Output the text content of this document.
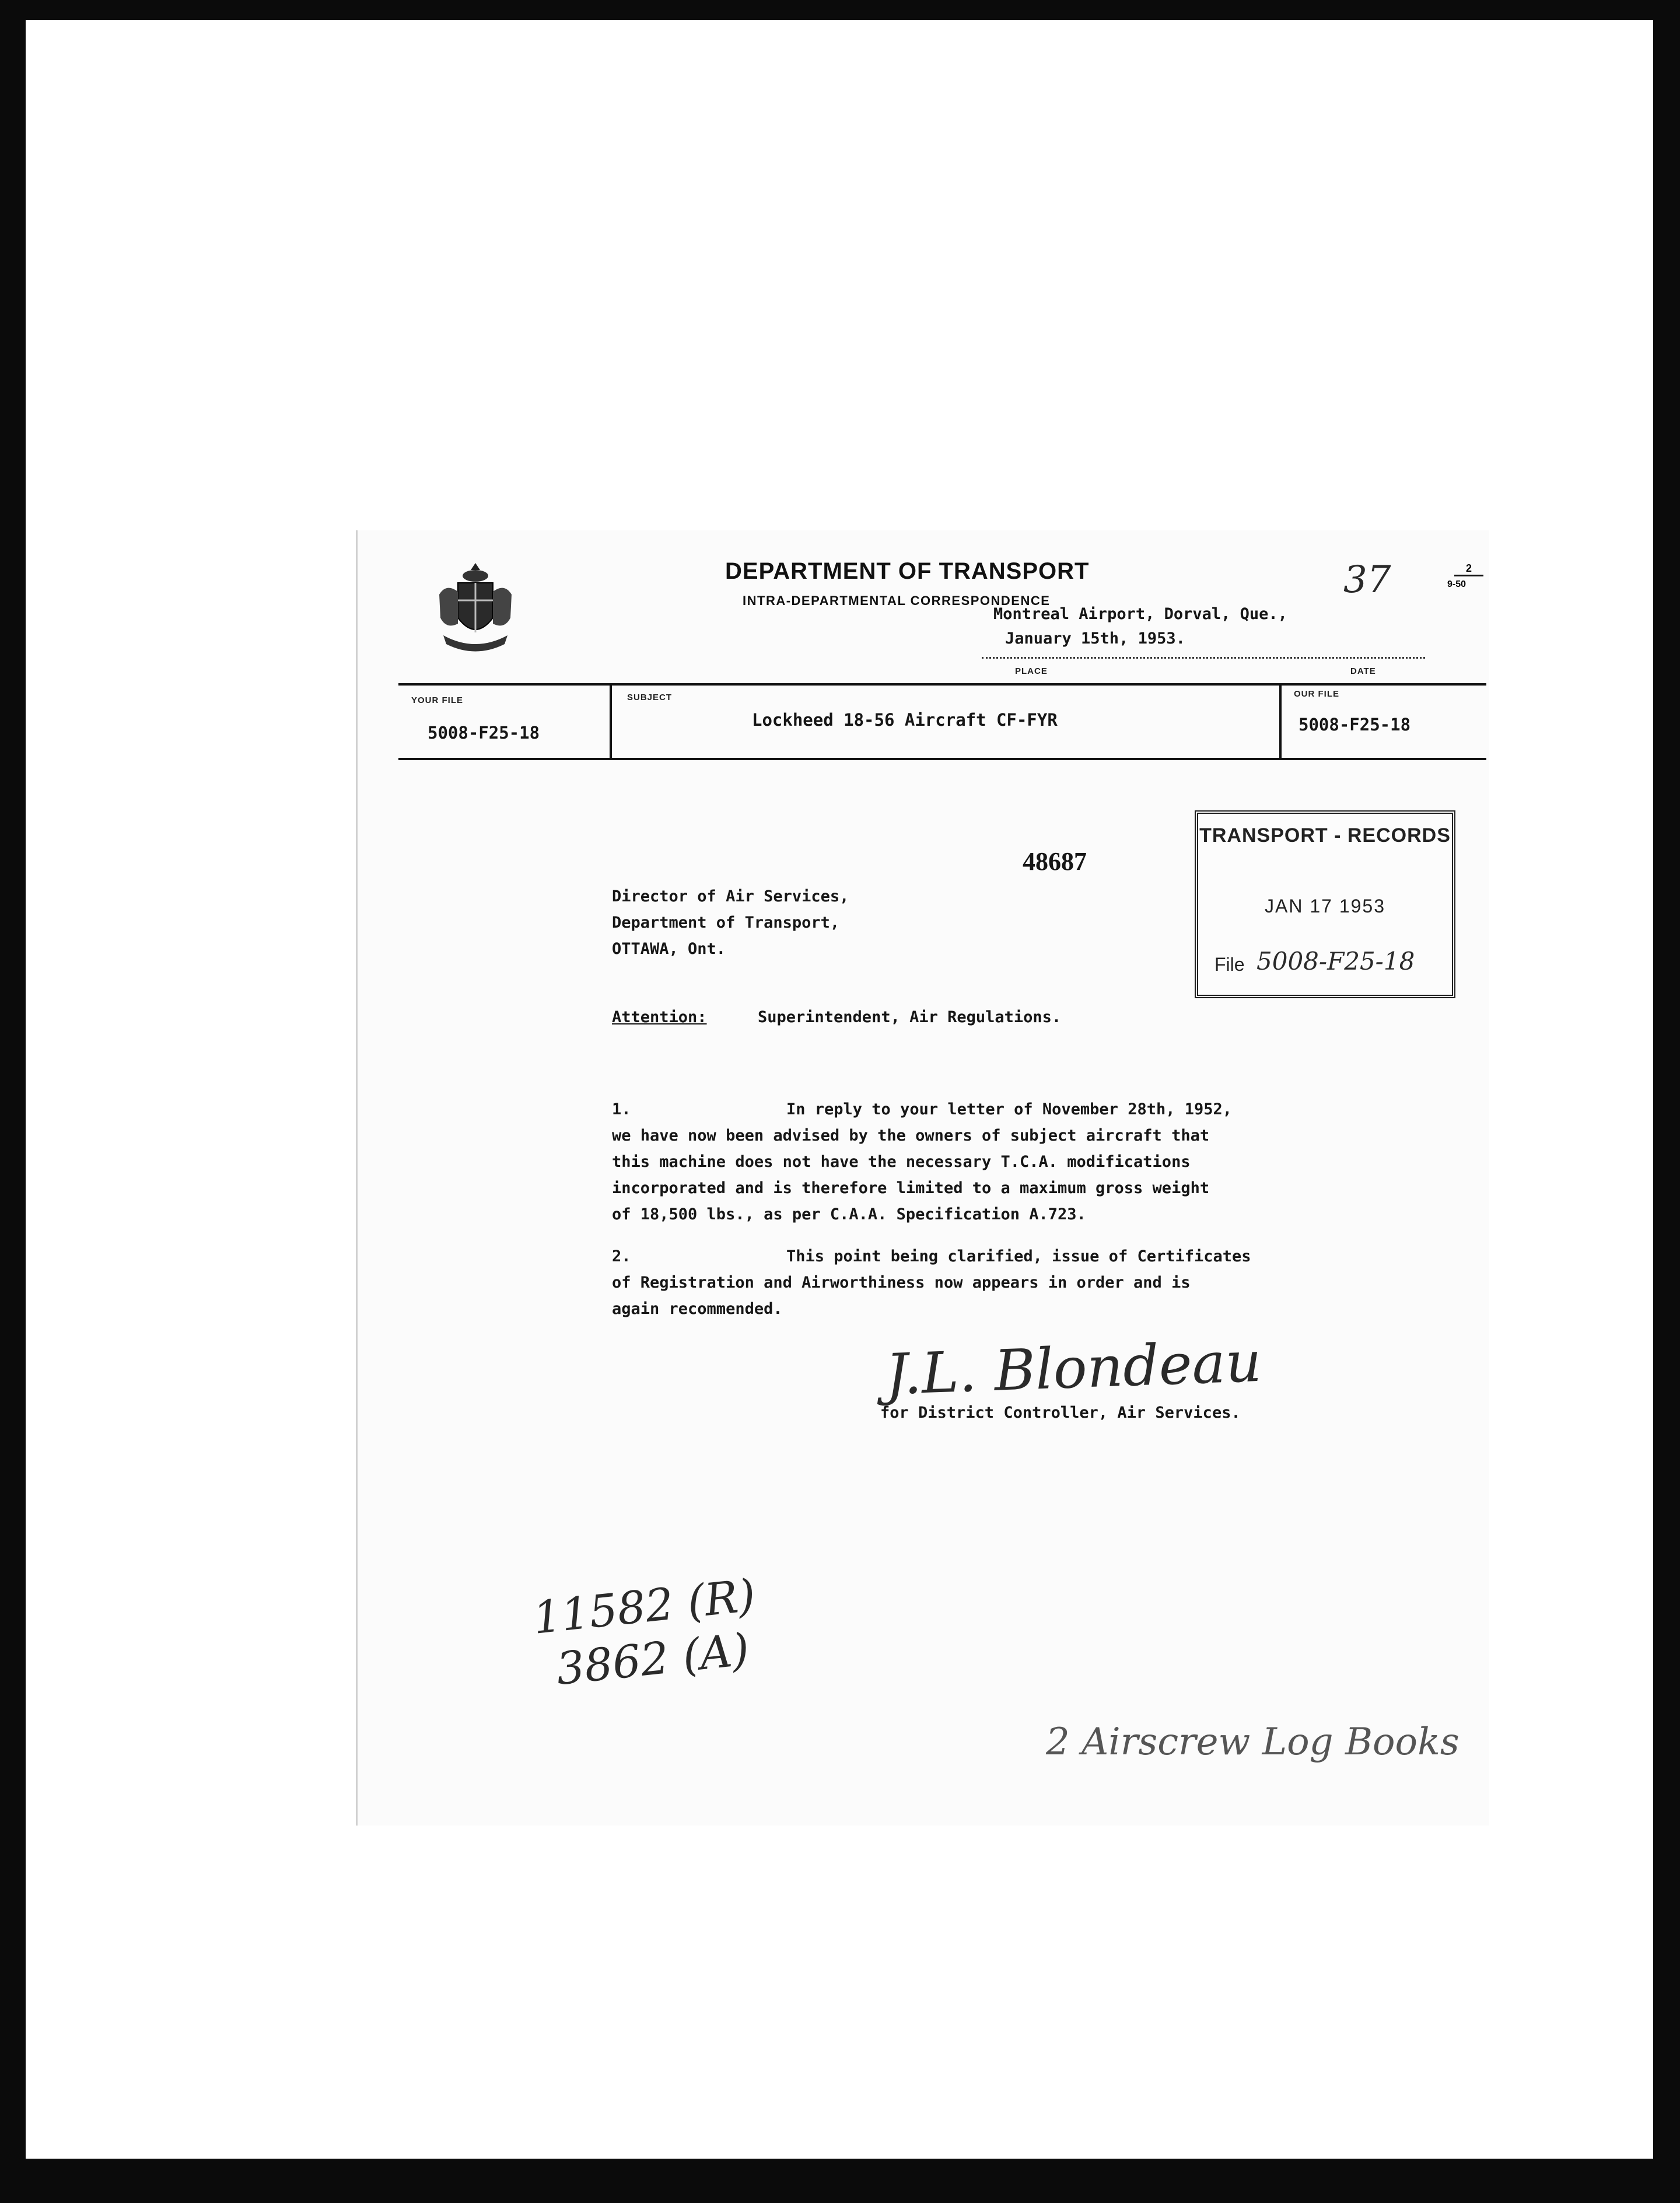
DEPARTMENT OF TRANSPORT
INTRA-DEPARTMENTAL CORRESPONDENCE	37	2
9-50
Montreal Airport, Dorval, Que.,
January 15th, 1953.
PLACE	DATE
YOUR FILE
5008-F25-18
SUBJECT
Lockheed 18-56 Aircraft CF-FYR
OUR FILE
5008-F25-18
48687
TRANSPORT - RECORDS
JAN 17 1953
File 5008-F25-18
Director of Air Services,
Department of Transport,
OTTAWA, Ont.
Attention:	Superintendent, Air Regulations.
1.	In reply to your letter of November 28th, 1952,
we have now been advised by the owners of subject aircraft that
this machine does not have the necessary T.C.A. modifications
incorporated and is therefore limited to a maximum gross weight
of 18,500 lbs., as per C.A.A. Specification A.723.
2.	This point being clarified, issue of Certificates
of Registration and Airworthiness now appears in order and is
again recommended.
J.L. Blondeau
for District Controller, Air Services.
11582 (R)
3862 (A)
2 Airscrew Log Books
